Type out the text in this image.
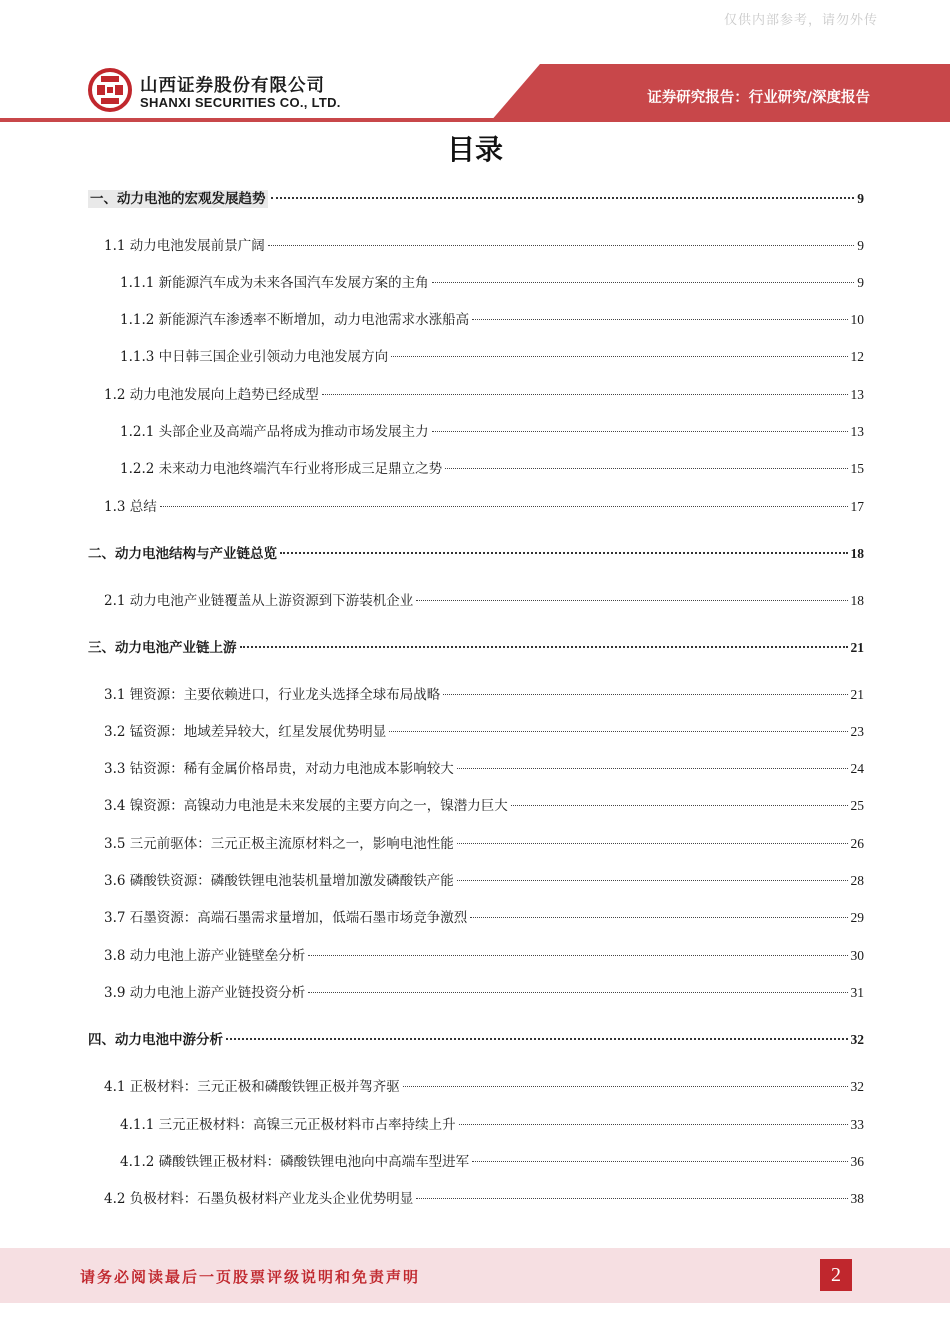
仅供内部参考，请勿外传
山西证券股份有限公司
SHANXI SECURITIES CO., LTD.	证券研究报告：行业研究/深度报告
目录
一、动力电池的宏观发展趋势	9
1.1 动力电池发展前景广阔	9
1.1.1 新能源汽车成为未来各国汽车发展方案的主角	9
1.1.2 新能源汽车渗透率不断增加，动力电池需求水涨船高	10
1.1.3 中日韩三国企业引领动力电池发展方向	12
1.2 动力电池发展向上趋势已经成型	13
1.2.1 头部企业及高端产品将成为推动市场发展主力	13
1.2.2 未来动力电池终端汽车行业将形成三足鼎立之势	15
1.3 总结	17
二、动力电池结构与产业链总览	18
2.1 动力电池产业链覆盖从上游资源到下游装机企业	18
三、动力电池产业链上游	21
3.1 锂资源：主要依赖进口，行业龙头选择全球布局战略	21
3.2 锰资源：地域差异较大，红星发展优势明显	23
3.3 钴资源：稀有金属价格昂贵，对动力电池成本影响较大	24
3.4 镍资源：高镍动力电池是未来发展的主要方向之一，镍潜力巨大	25
3.5 三元前驱体：三元正极主流原材料之一，影响电池性能	26
3.6 磷酸铁资源：磷酸铁锂电池装机量增加激发磷酸铁产能	28
3.7 石墨资源：高端石墨需求量增加，低端石墨市场竞争激烈	29
3.8 动力电池上游产业链壁垒分析	30
3.9 动力电池上游产业链投资分析	31
四、动力电池中游分析	32
4.1 正极材料：三元正极和磷酸铁锂正极并驾齐驱	32
4.1.1 三元正极材料：高镍三元正极材料市占率持续上升	33
4.1.2 磷酸铁锂正极材料：磷酸铁锂电池向中高端车型进军	36
4.2 负极材料：石墨负极材料产业龙头企业优势明显	38
请务必阅读最后一页股票评级说明和免责声明	2
